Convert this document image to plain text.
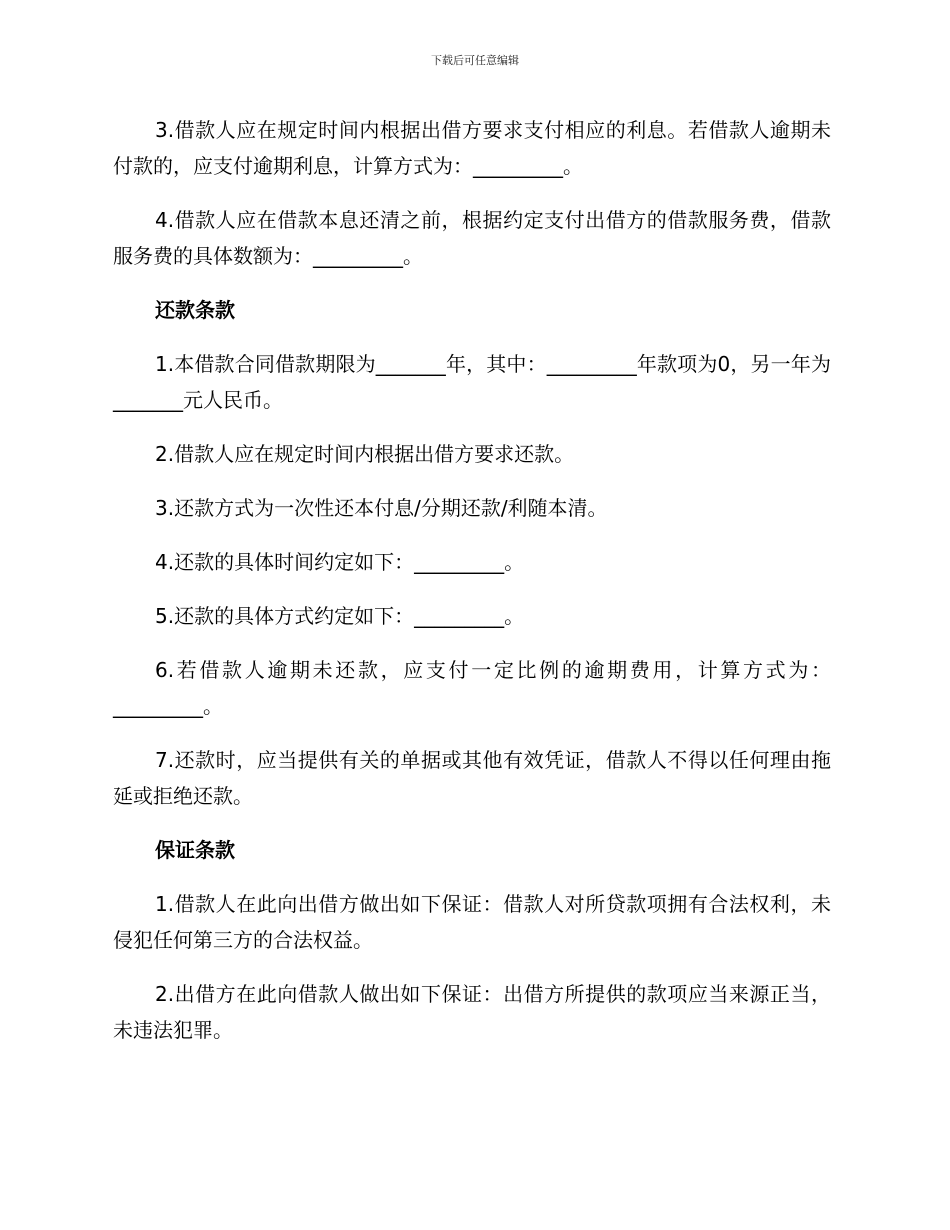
下载后可任意编辑

3.借款人应在规定时间内根据出借方要求支付相应的利息。若借款人逾期未付款的，应支付逾期利息，计算方式为：_________。

4.借款人应在借款本息还清之前，根据约定支付出借方的借款服务费，借款服务费的具体数额为：_________。

还款条款

1.本借款合同借款期限为_______年，其中：_________年款项为0，另一年为_______元人民币。

2.借款人应在规定时间内根据出借方要求还款。

3.还款方式为一次性还本付息/分期还款/利随本清。

4.还款的具体时间约定如下：_________。

5.还款的具体方式约定如下：_________。

6.若借款人逾期未还款，应支付一定比例的逾期费用，计算方式为：_________。

7.还款时，应当提供有关的单据或其他有效凭证，借款人不得以任何理由拖延或拒绝还款。

保证条款

1.借款人在此向出借方做出如下保证：借款人对所贷款项拥有合法权利，未侵犯任何第三方的合法权益。

2.出借方在此向借款人做出如下保证：出借方所提供的款项应当来源正当，未违法犯罪。
